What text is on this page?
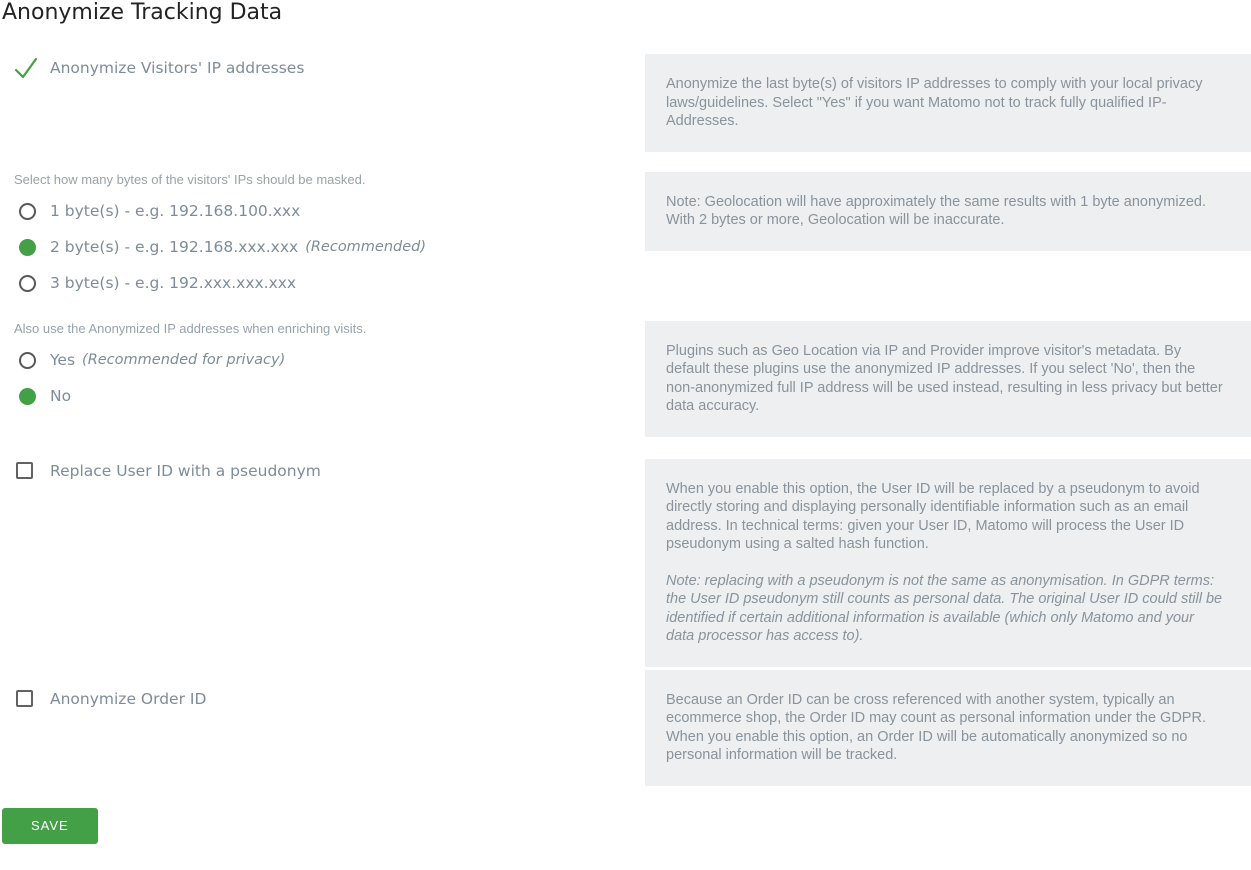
Anonymize Tracking Data
Anonymize Visitors' IP addresses

Anonymize the last byte(s) of visitors IP addresses to comply with your local privacy laws/guidelines. Select "Yes" if you want Matomo not to track fully qualified IP-Addresses.

Select how many bytes of the visitors' IPs should be masked.

1 byte(s) - e.g. 192.168.100.xxx
2 byte(s) - e.g. 192.168.xxx.xxx (Recommended)
3 byte(s) - e.g. 192.xxx.xxx.xxx

Note: Geolocation will have approximately the same results with 1 byte anonymized. With 2 bytes or more, Geolocation will be inaccurate.

Also use the Anonymized IP addresses when enriching visits.

Yes (Recommended for privacy)
No

Plugins such as Geo Location via IP and Provider improve visitor's metadata. By default these plugins use the anonymized IP addresses. If you select 'No', then the non-anonymized full IP address will be used instead, resulting in less privacy but better data accuracy.

Replace User ID with a pseudonym

When you enable this option, the User ID will be replaced by a pseudonym to avoid directly storing and displaying personally identifiable information such as an email address. In technical terms: given your User ID, Matomo will process the User ID pseudonym using a salted hash function.

Note: replacing with a pseudonym is not the same as anonymisation. In GDPR terms: the User ID pseudonym still counts as personal data. The original User ID could still be identified if certain additional information is available (which only Matomo and your data processor has access to).

Anonymize Order ID	Because an Order ID can be cross referenced with another system, typically an ecommerce shop, the Order ID may count as personal information under the GDPR. When you enable this option, an Order ID will be automatically anonymized so no personal information will be tracked.

SAVE
